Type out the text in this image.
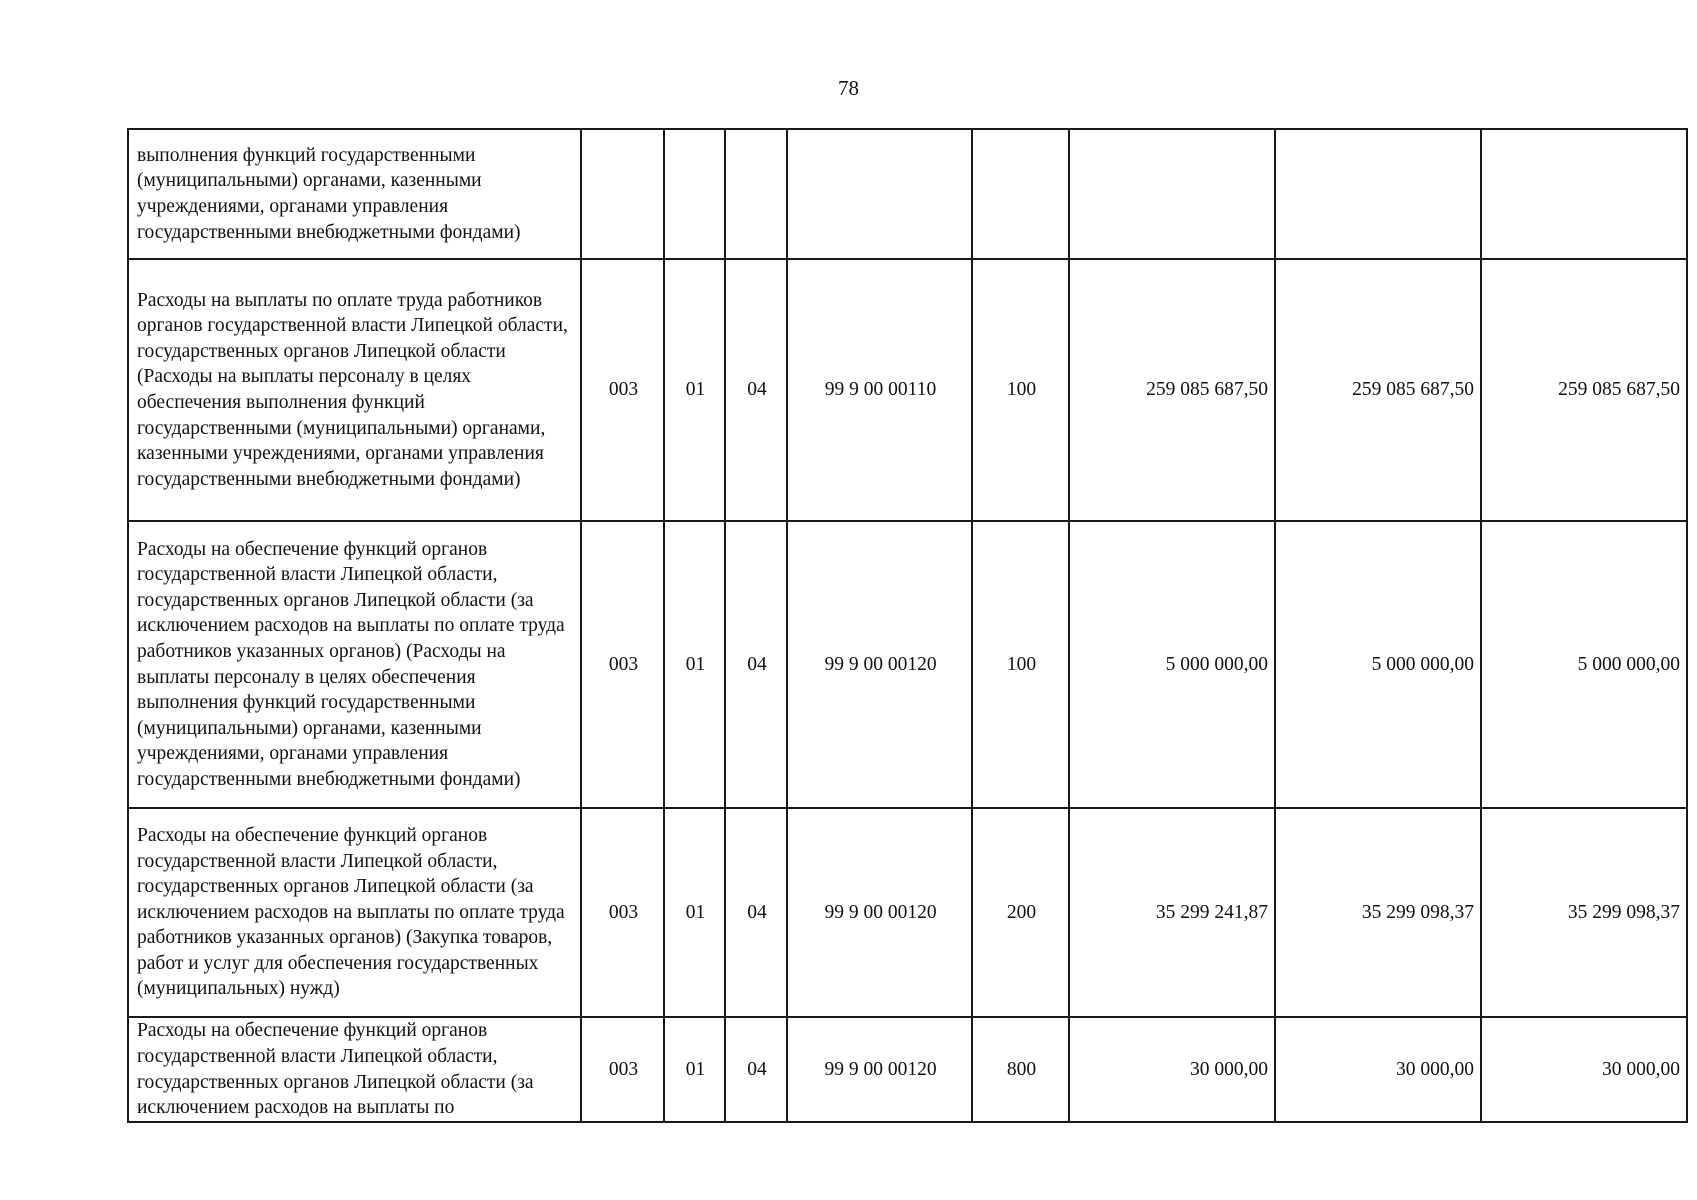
78
выполнения функций государственными (муниципальными) органами, казенными учреждениями, органами управления государственными внебюджетными фондами)								
Расходы на выплаты по оплате труда работников органов государственной власти Липецкой области, государственных органов Липецкой области (Расходы на выплаты персоналу в целях обеспечения выполнения функций государственными (муниципальными) органами, казенными учреждениями, органами управления государственными внебюджетными фондами)	003	01	04	99 9 00 00110	100	259 085 687,50	259 085 687,50	259 085 687,50
Расходы на обеспечение функций органов государственной власти Липецкой области, государственных органов Липецкой области (за исключением расходов на выплаты по оплате труда работников указанных органов) (Расходы на выплаты персоналу в целях обеспечения выполнения функций государственными (муниципальными) органами, казенными учреждениями, органами управления государственными внебюджетными фондами)	003	01	04	99 9 00 00120	100	5 000 000,00	5 000 000,00	5 000 000,00
Расходы на обеспечение функций органов государственной власти Липецкой области, государственных органов Липецкой области (за исключением расходов на выплаты по оплате труда работников указанных органов) (Закупка товаров, работ и услуг для обеспечения государственных (муниципальных) нужд)	003	01	04	99 9 00 00120	200	35 299 241,87	35 299 098,37	35 299 098,37
Расходы на обеспечение функций органов государственной власти Липецкой области, государственных органов Липецкой области (за исключением расходов на выплаты по	003	01	04	99 9 00 00120	800	30 000,00	30 000,00	30 000,00
